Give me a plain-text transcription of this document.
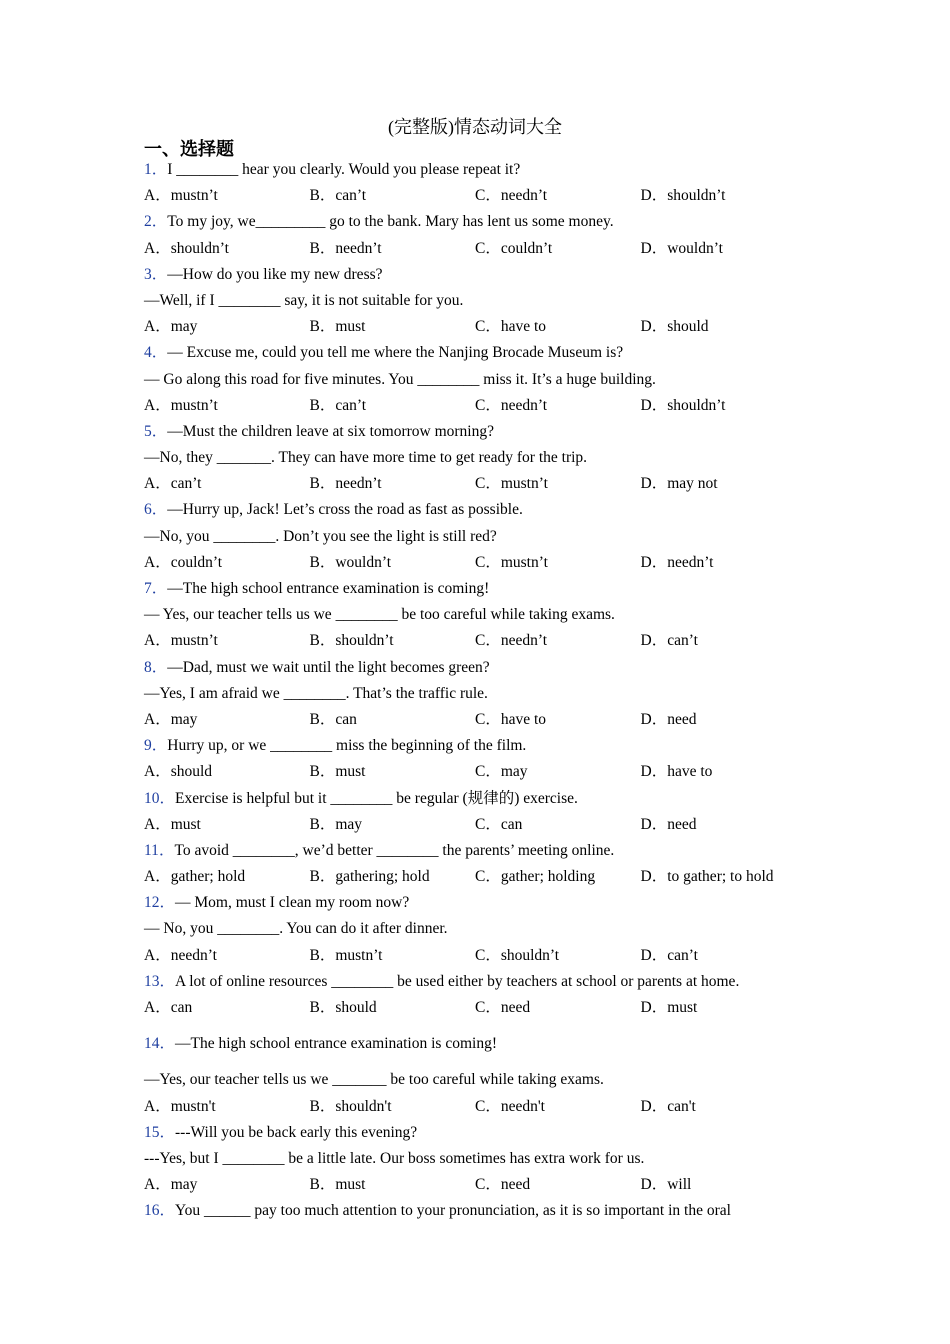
(完整版)情态动词大全
一、选择题
1．I ________ hear you clearly. Would you please repeat it?
A．mustn’t	B．can’t	C．needn’t	D．shouldn’t
2．To my joy, we_________ go to the bank. Mary has lent us some money.
A．shouldn’t	B．needn’t	C．couldn’t	D．wouldn’t
3．—How do you like my new dress?
—Well, if I ________ say, it is not suitable for you.
A．may	B．must	C．have to	D．should
4．— Excuse me, could you tell me where the Nanjing Brocade Museum is?
— Go along this road for five minutes. You ________ miss it. It’s a huge building.
A．mustn’t	B．can’t	C．needn’t	D．shouldn’t
5．—Must the children leave at six tomorrow morning?
—No, they _______. They can have more time to get ready for the trip.
A．can’t	B．needn’t	C．mustn’t	D．may not
6．—Hurry up, Jack! Let’s cross the road as fast as possible.
—No, you ________. Don’t you see the light is still red?
A．couldn’t	B．wouldn’t	C．mustn’t	D．needn’t
7．—The high school entrance examination is coming!
— Yes, our teacher tells us we ________ be too careful while taking exams.
A．mustn’t	B．shouldn’t	C．needn’t	D．can’t
8．—Dad, must we wait until the light becomes green?
—Yes, I am afraid we ________. That’s the traffic rule.
A．may	B．can	C．have to	D．need
9．Hurry up, or we ________ miss the beginning of the film.
A．should	B．must	C．may	D．have to
10．Exercise is helpful but it ________ be regular (规律的) exercise.
A．must	B．may	C．can	D．need
11．To avoid ________, we’d better ________ the parents’ meeting online.
A．gather; hold	B．gathering; hold	C．gather; holding	D．to gather; to hold
12．— Mom, must I clean my room now?
— No, you ________. You can do it after dinner.
A．needn’t	B．mustn’t	C．shouldn’t	D．can’t
13．A lot of online resources ________ be used either by teachers at school or parents at home.
A．can	B．should	C．need	D．must
14．—The high school entrance examination is coming!
—Yes, our teacher tells us we _______ be too careful while taking exams.
A．mustn't	B．shouldn't	C．needn't	D．can't
15．---Will you be back early this evening?
---Yes, but I ________ be a little late. Our boss sometimes has extra work for us.
A．may	B．must	C．need	D．will
16．You ______ pay too much attention to your pronunciation, as it is so important in the oral
